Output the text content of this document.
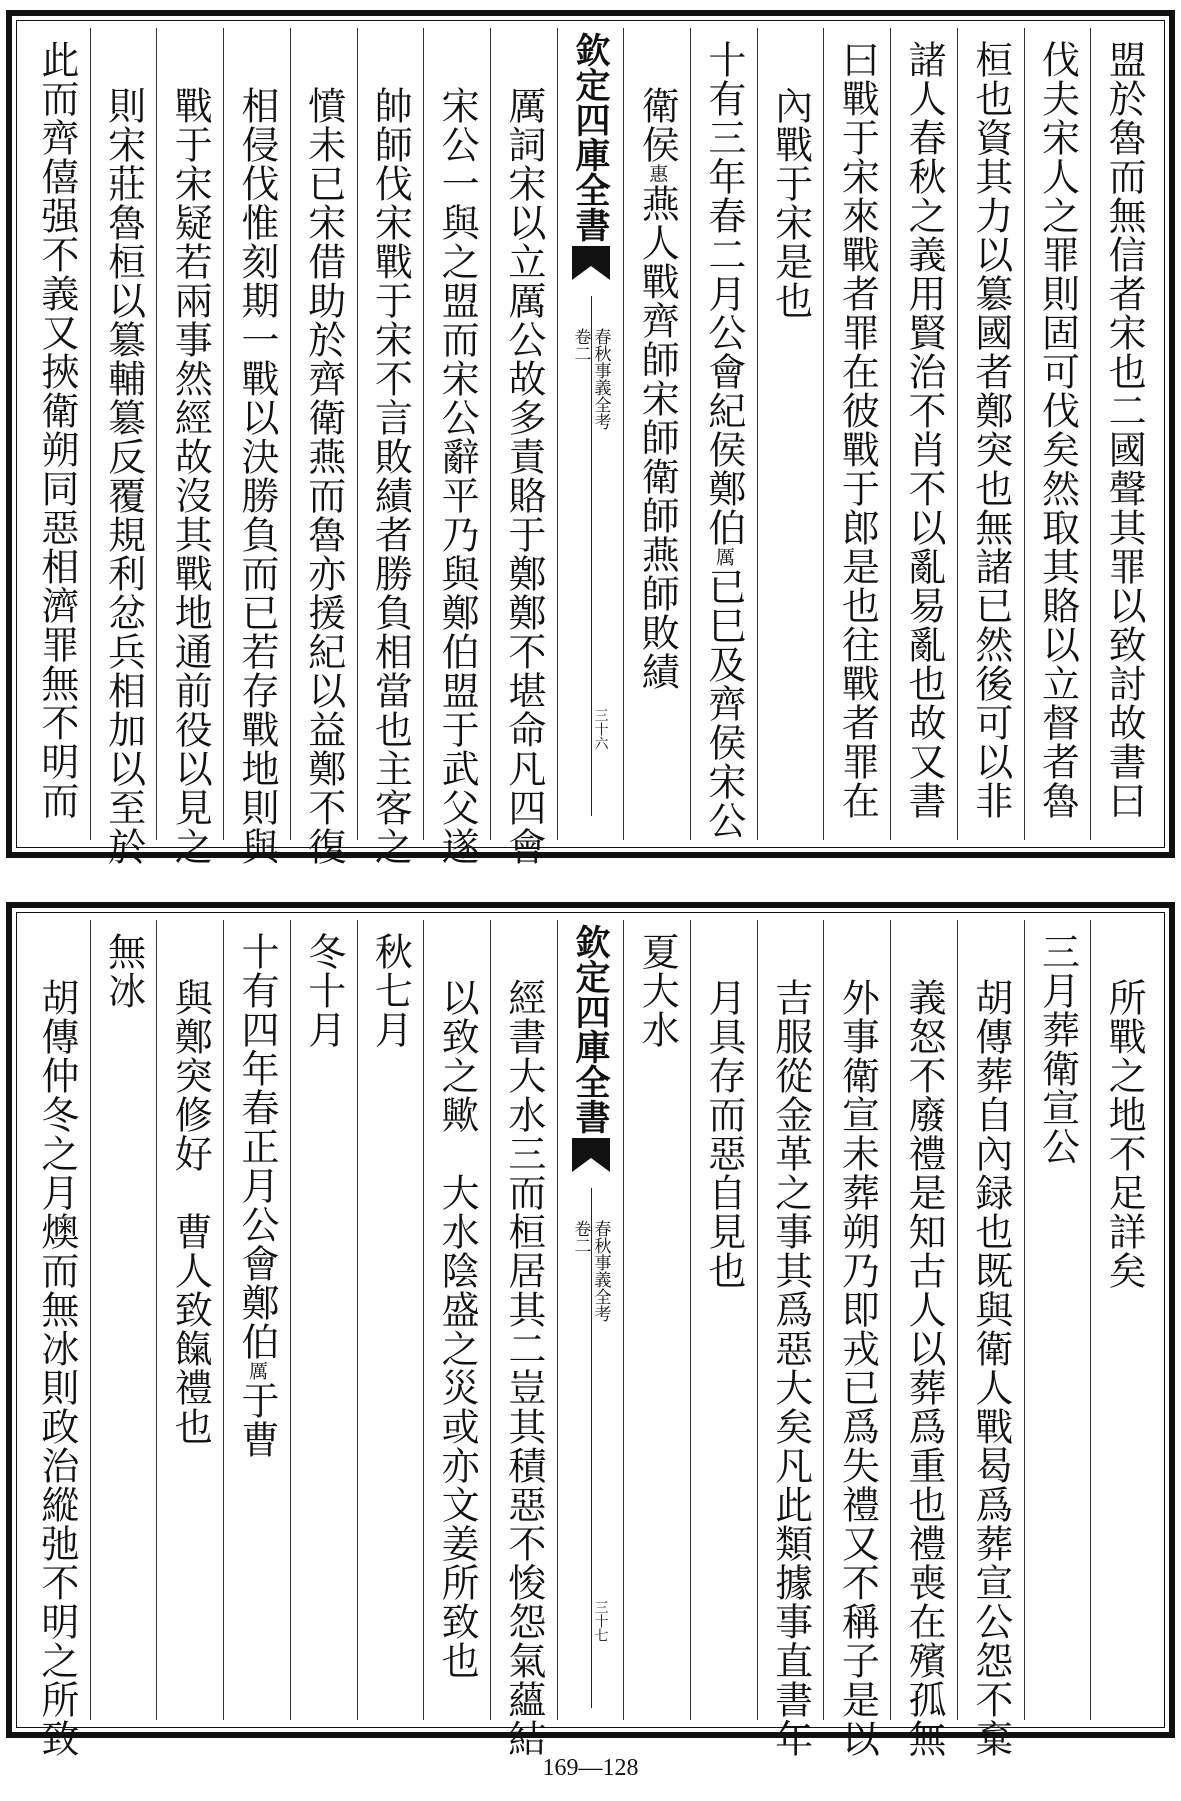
盟於魯而無信者宋也二國聲其罪以致討故書曰
伐夫宋人之罪則固可伐矣然取其賂以立督者魯
桓也資其力以簒國者鄭突也無諸已然後可以非
諸人春秋之義用賢治不肖不以亂易亂也故又書
曰戰于宋來戰者罪在彼戰于郎是也往戰者罪在
內戰于宋是也
十有三年春二月公會紀侯鄭伯厲已巳及齊侯宋公
衛侯惠燕人戰齊師宋師衛師燕師敗績
欽定四庫全書
春秋事義全考
卷二
三十六
厲詞宋以立厲公故多責賂于鄭鄭不堪命凡四會
宋公一與之盟而宋公辭平乃與鄭伯盟于武父遂
帥師伐宋戰于宋不言敗績者勝負相當也主客之
憤未已宋借助於齊衛燕而魯亦援紀以益鄭不復
相侵伐惟刻期一戰以決勝負而已若存戰地則與
戰于宋疑若兩事然經故沒其戰地通前役以見之
則宋莊魯桓以簒輔簒反覆規利忿兵相加以至於
此而齊僖强不義又挾衛朔同惡相濟罪無不明而
所戰之地不足詳矣
三月葬衛宣公
胡傳葬自內録也既與衛人戰曷爲葬宣公怨不棄
義怒不廢禮是知古人以葬爲重也禮喪在殯孤無
外事衛宣未葬朔乃即戎已爲失禮又不稱子是以
吉服從金革之事其爲惡大矣凡此類據事直書年
月具存而惡自見也
夏大水
欽定四庫全書
春秋事義全考
卷二
三十七
經書大水三而桓居其二豈其積惡不悛怨氣蘊結
以致之歟　大水陰盛之災或亦文姜所致也
秋七月
冬十月
十有四年春正月公會鄭伯厲于曹
與鄭突修好　曹人致餼禮也
無冰
胡傳仲冬之月燠而無冰則政治縱弛不明之所致
169—128
